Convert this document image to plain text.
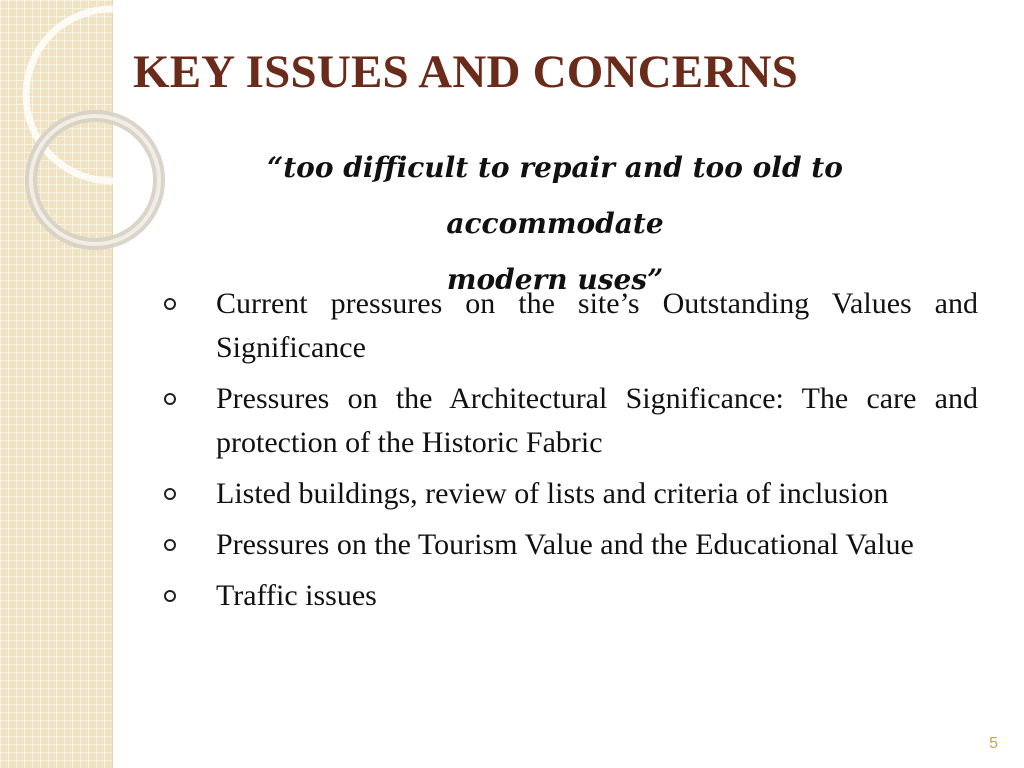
KEY ISSUES AND CONCERNS

“too difficult to repair and too old to accommodate
modern uses”

Current pressures on the site’s Outstanding Values and Significance
Pressures on the Architectural Significance: The care and protection of the Historic Fabric
Listed buildings, review of lists and criteria of inclusion
Pressures on the Tourism Value and the Educational Value
Traffic issues
5
